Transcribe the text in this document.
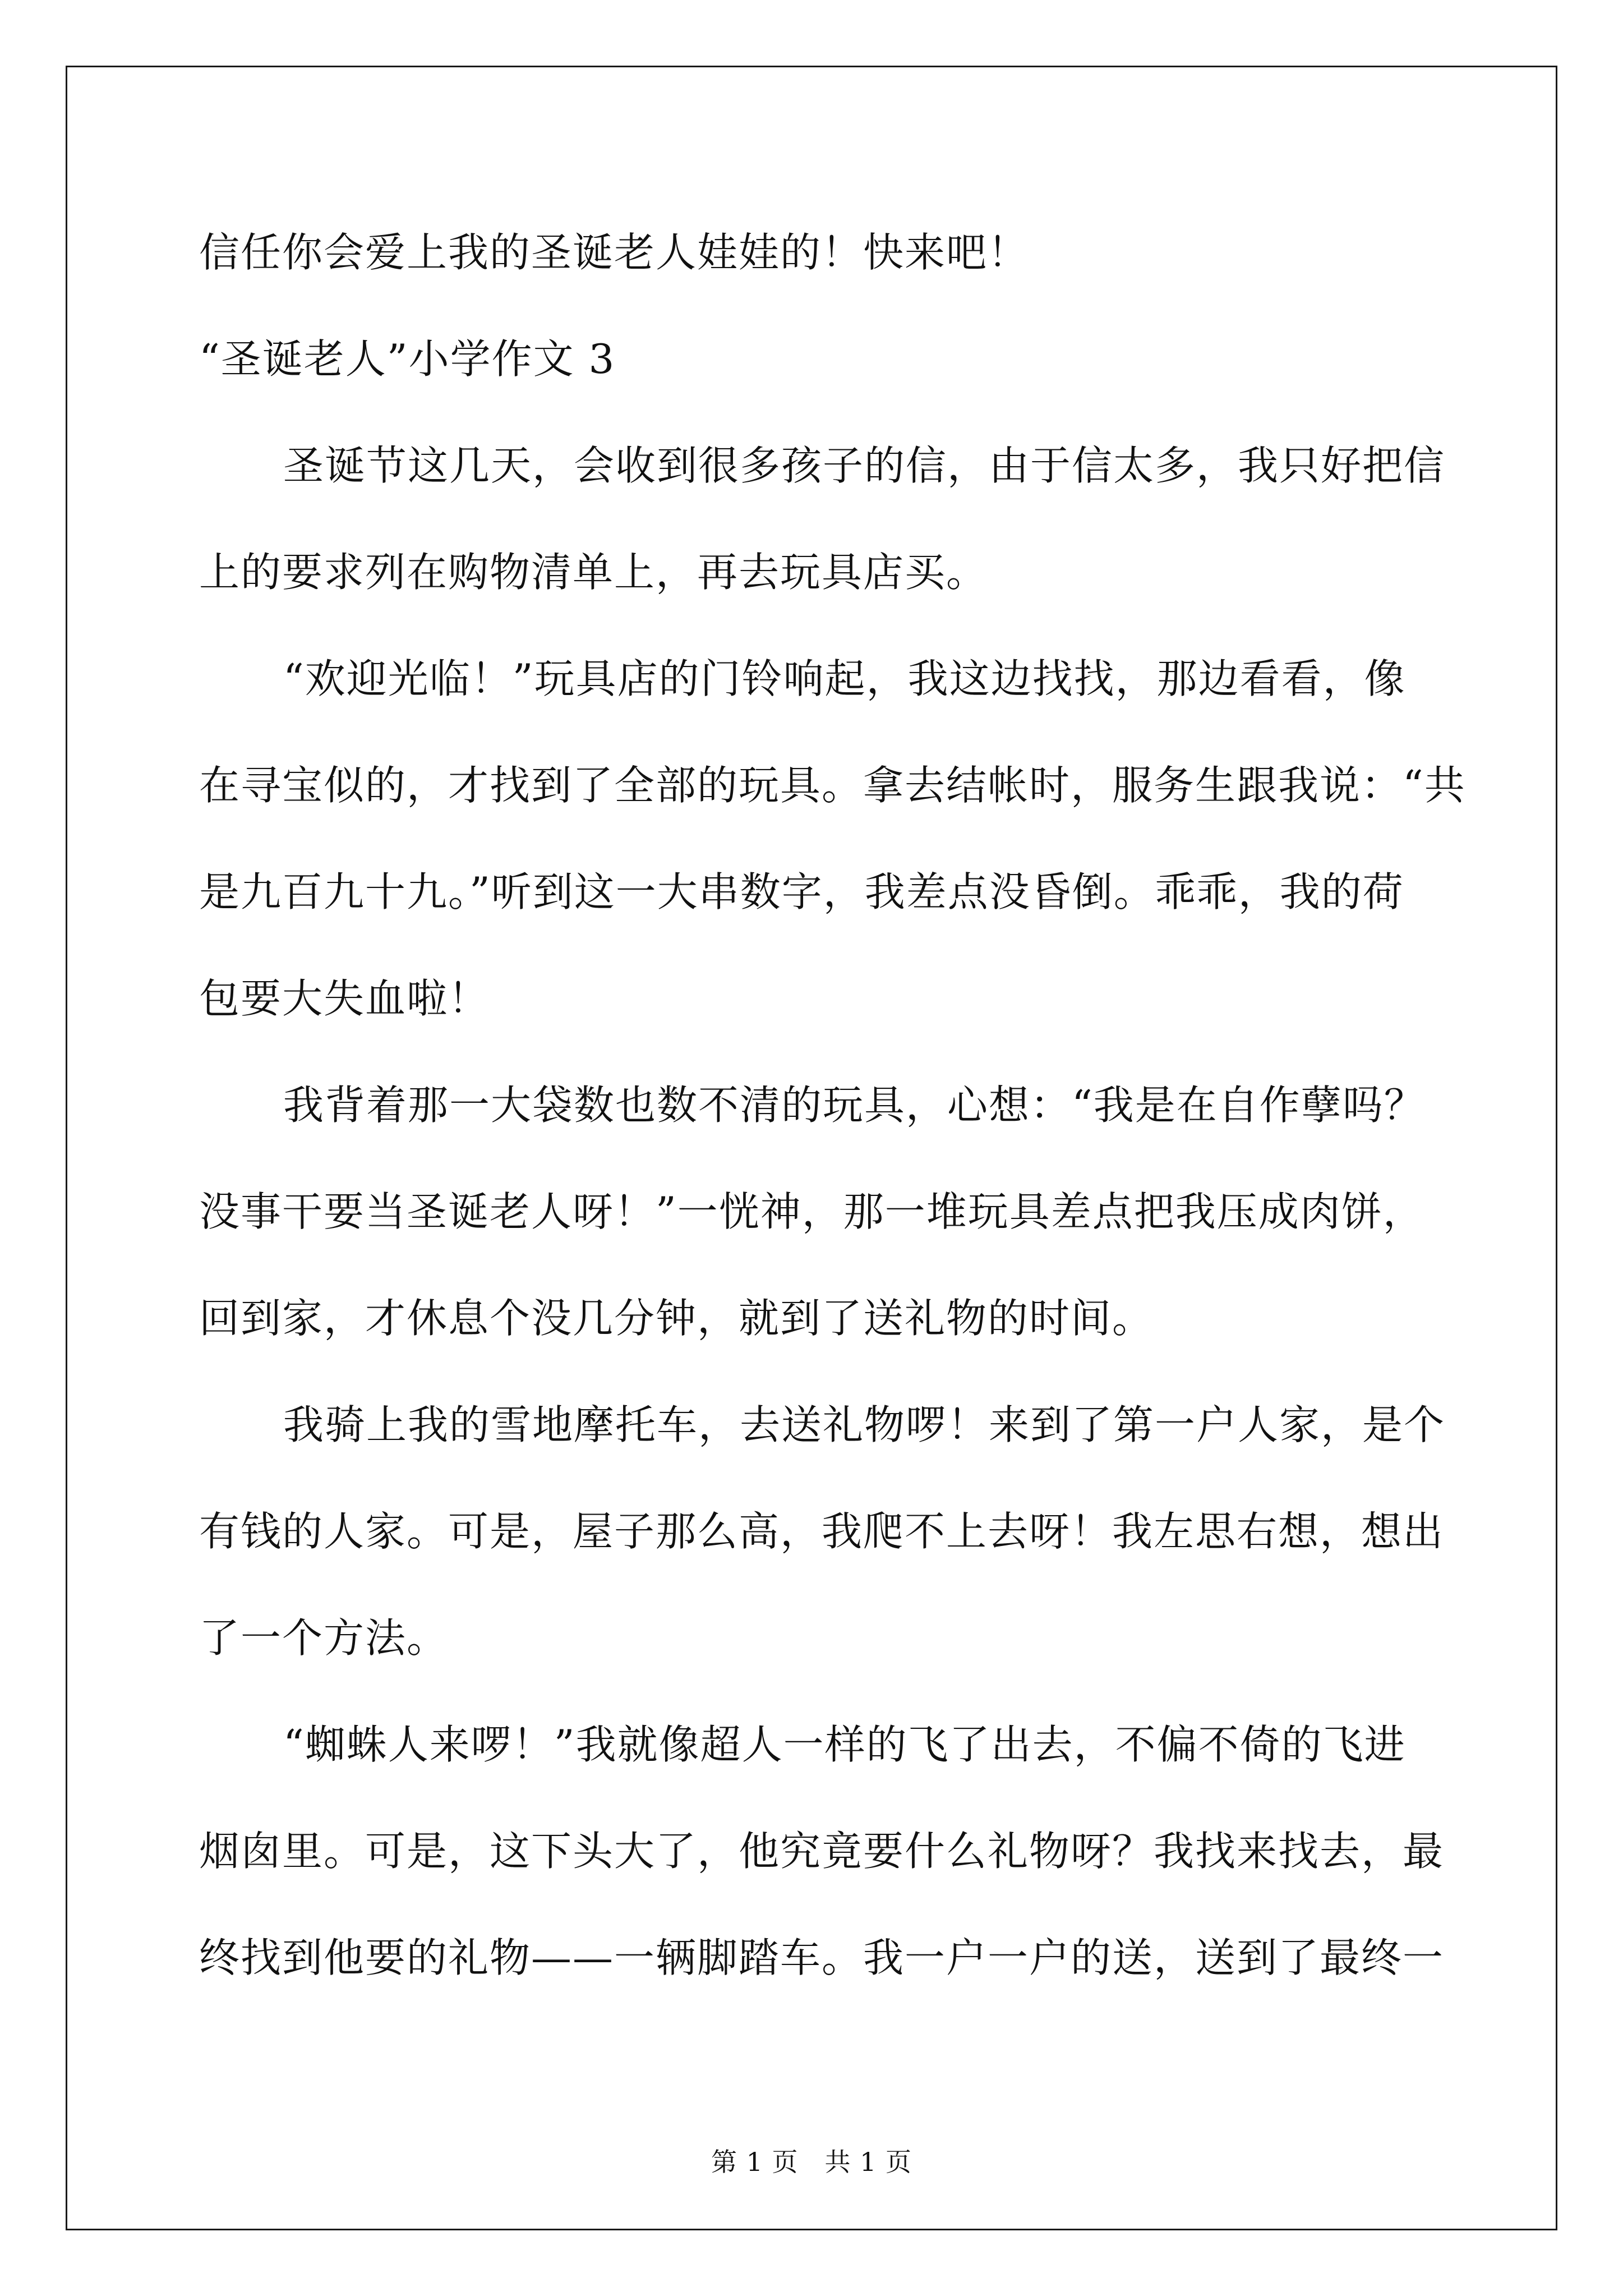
信任你会爱上我的圣诞老人娃娃的！快来吧！
“圣诞老人”小学作文 3
圣诞节这几天，会收到很多孩子的信，由于信太多，我只好把信
上的要求列在购物清单上，再去玩具店买。
“欢迎光临！”玩具店的门铃响起，我这边找找，那边看看，像
在寻宝似的，才找到了全部的玩具。拿去结帐时，服务生跟我说：“共
是九百九十九。”听到这一大串数字，我差点没昏倒。乖乖，我的荷
包要大失血啦！
我背着那一大袋数也数不清的玩具，心想：“我是在自作孽吗？
没事干要当圣诞老人呀！”一恍神，那一堆玩具差点把我压成肉饼，
回到家，才休息个没几分钟，就到了送礼物的时间。
我骑上我的雪地摩托车，去送礼物啰！来到了第一户人家，是个
有钱的人家。可是，屋子那么高，我爬不上去呀！我左思右想，想出
了一个方法。
“蜘蛛人来啰！”我就像超人一样的飞了出去，不偏不倚的飞进
烟囱里。可是，这下头大了，他究竟要什么礼物呀？我找来找去，最
终找到他要的礼物——一辆脚踏车。我一户一户的送，送到了最终一
第 1 页　共 1 页
